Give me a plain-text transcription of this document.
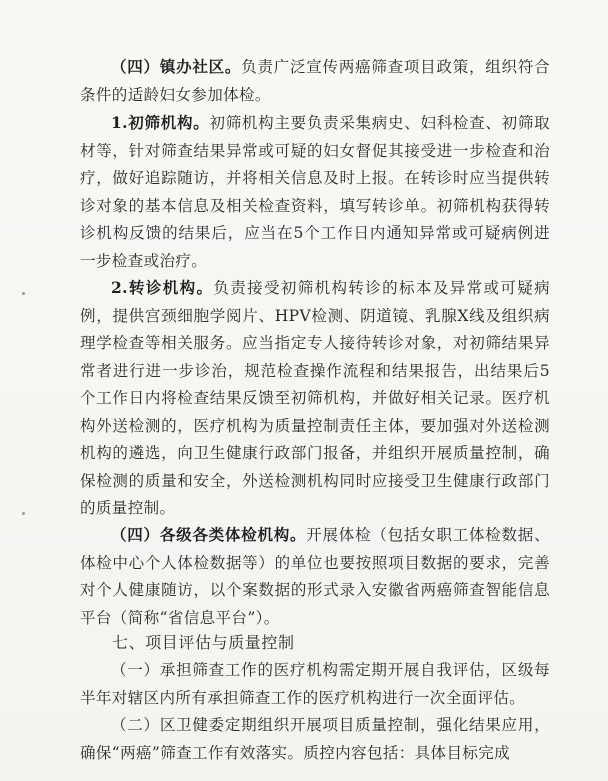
（四）镇办社区。负责广泛宣传两癌筛查项目政策，组织符合条件的适龄妇女参加体检。

1.初筛机构。初筛机构主要负责采集病史、妇科检查、初筛取材等，针对筛查结果异常或可疑的妇女督促其接受进一步检查和治疗，做好追踪随访，并将相关信息及时上报。在转诊时应当提供转诊对象的基本信息及相关检查资料，填写转诊单。初筛机构获得转诊机构反馈的结果后，应当在5个工作日内通知异常或可疑病例进一步检查或治疗。

2.转诊机构。负责接受初筛机构转诊的标本及异常或可疑病例，提供宫颈细胞学阅片、HPV检测、阴道镜、乳腺X线及组织病理学检查等相关服务。应当指定专人接待转诊对象，对初筛结果异常者进行进一步诊治，规范检查操作流程和结果报告，出结果后5个工作日内将检查结果反馈至初筛机构，并做好相关记录。医疗机构外送检测的，医疗机构为质量控制责任主体，要加强对外送检测机构的遴选，向卫生健康行政部门报备，并组织开展质量控制，确保检测的质量和安全，外送检测机构同时应接受卫生健康行政部门的质量控制。

（四）各级各类体检机构。开展体检（包括女职工体检数据、体检中心个人体检数据等）的单位也要按照项目数据的要求，完善对个人健康随访，以个案数据的形式录入安徽省两癌筛查智能信息平台（简称“省信息平台”）。

七、项目评估与质量控制

（一）承担筛查工作的医疗机构需定期开展自我评估，区级每半年对辖区内所有承担筛查工作的医疗机构进行一次全面评估。

（二）区卫健委定期组织开展项目质量控制，强化结果应用，确保“两癌”筛查工作有效落实。质控内容包括：具体目标完成
